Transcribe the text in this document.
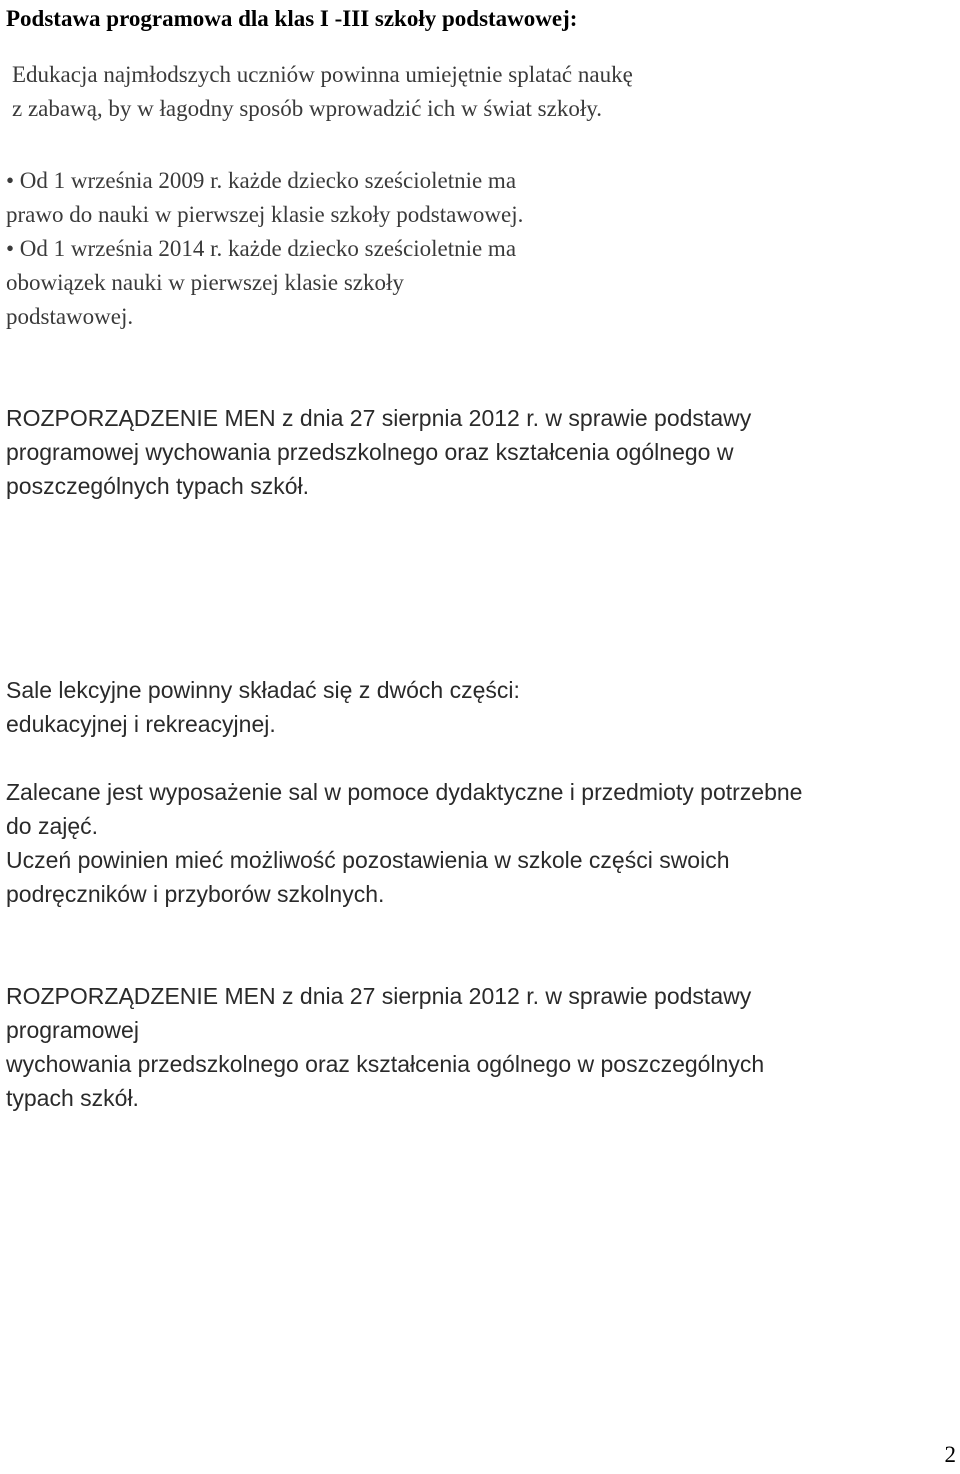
Podstawa programowa dla klas I -III szkoły podstawowej:
Edukacja najmłodszych uczniów powinna umiejętnie splatać naukę
z zabawą, by w łagodny sposób wprowadzić ich w świat szkoły.
• Od 1 września 2009 r. każde dziecko sześcioletnie ma
prawo do nauki w pierwszej klasie szkoły podstawowej.
• Od 1 września 2014 r. każde dziecko sześcioletnie ma
obowiązek nauki w pierwszej klasie szkoły
podstawowej.
ROZPORZĄDZENIE MEN z dnia 27 sierpnia 2012 r. w sprawie podstawy
programowej wychowania przedszkolnego oraz kształcenia ogólnego w
poszczególnych typach szkół.
Sale lekcyjne powinny składać się z dwóch części:
edukacyjnej i rekreacyjnej.
Zalecane jest wyposażenie sal w pomoce dydaktyczne i przedmioty potrzebne
do zajęć.
Uczeń powinien mieć możliwość pozostawienia w szkole części swoich
podręczników i przyborów szkolnych.
ROZPORZĄDZENIE MEN z dnia 27 sierpnia 2012 r. w sprawie podstawy
programowej
wychowania przedszkolnego oraz kształcenia ogólnego w poszczególnych
typach szkół.
2
